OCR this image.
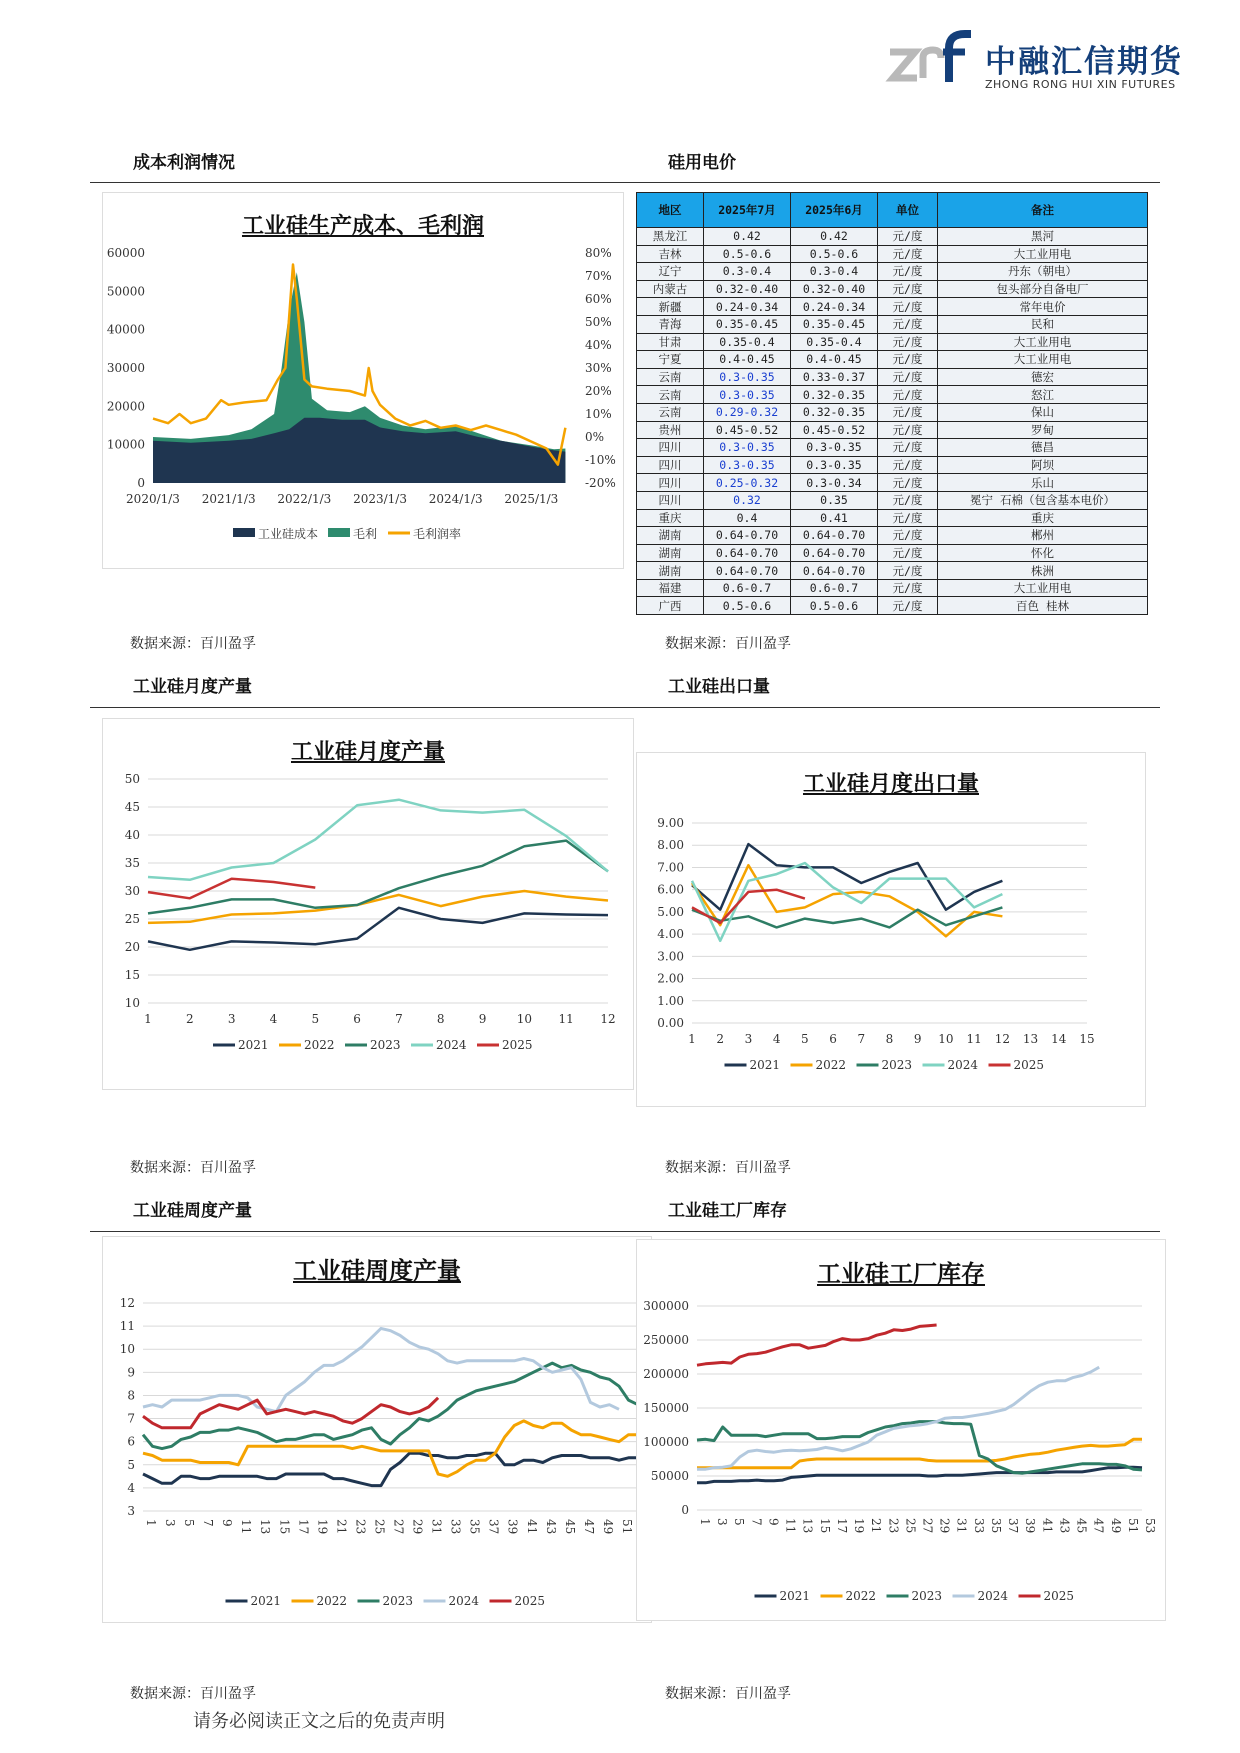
中融汇信期货
ZHONG RONG HUI XIN FUTURES
成本利润情况	硅用电价
工业硅生产成本、毛利润
0
10000
20000
30000
40000
50000
60000
-20%
-10%
0%
10%
20%
30%
40%
50%
60%
70%
80%
2020/1/3 2021/1/3 2022/1/3 2023/1/3 2024/1/3 2025/1/3
工业硅成本	毛利	毛利润率
地区	2025年7月	2025年6月	单位	备注
黑龙江	0.42	0.42	元/度	黑河
吉林	0.5-0.6	0.5-0.6	元/度	大工业用电
辽宁	0.3-0.4	0.3-0.4	元/度	丹东（朝电）
内蒙古	0.32-0.40	0.32-0.40	元/度	包头部分自备电厂
新疆	0.24-0.34	0.24-0.34	元/度	常年电价
青海	0.35-0.45	0.35-0.45	元/度	民和
甘肃	0.35-0.4	0.35-0.4	元/度	大工业用电
宁夏	0.4-0.45	0.4-0.45	元/度	大工业用电
云南	0.3-0.35	0.33-0.37	元/度	德宏
云南	0.3-0.35	0.32-0.35	元/度	怒江
云南	0.29-0.32	0.32-0.35	元/度	保山
贵州	0.45-0.52	0.45-0.52	元/度	罗甸
四川	0.3-0.35	0.3-0.35	元/度	德昌
四川	0.3-0.35	0.3-0.35	元/度	阿坝
四川	0.25-0.32	0.3-0.34	元/度	乐山
四川	0.32	0.35	元/度	冕宁 石棉（包含基本电价）
重庆	0.4	0.41	元/度	重庆
湖南	0.64-0.70	0.64-0.70	元/度	郴州
湖南	0.64-0.70	0.64-0.70	元/度	怀化
湖南	0.64-0.70	0.64-0.70	元/度	株洲
福建	0.6-0.7	0.6-0.7	元/度	大工业用电
广西	0.5-0.6	0.5-0.6	元/度	百色 桂林
数据来源：百川盈孚	数据来源：百川盈孚
工业硅月度产量	工业硅出口量
工业硅月度产量
10
15
20
25
30
35
40
45
50
1	2	3	4	5	6	7	8	9	10 11 12
2021	2022	2023	2024	2025
工业硅月度出口量
0.00
1.00
2.00
3.00
4.00
5.00
6.00
7.00
8.00
9.00
1 2 3 4 5 6 7 8 9 10 11 12 13 14 15
2021	2022	2023	2024	2025
数据来源：百川盈孚	数据来源：百川盈孚
工业硅周度产量	工业硅工厂库存
工业硅周度产量
3
4
5
6
7
8
9
10
11
12
1 3 5 7 9 11 13 15 17 19 21 23 25 27 29 31 33 35 37 39 41 43 45 47 49 51
2021	2022	2023	2024	2025
工业硅工厂库存
0
50000
100000
150000
200000
250000
300000
1 3 5 7 9 11 13 15 17 19 21 23 25 27 29 31 33 35 37 39 41 43 45 47 49 51 53
2021	2022	2023	2024	2025
数据来源：百川盈孚	数据来源：百川盈孚
请务必阅读正文之后的免责声明
